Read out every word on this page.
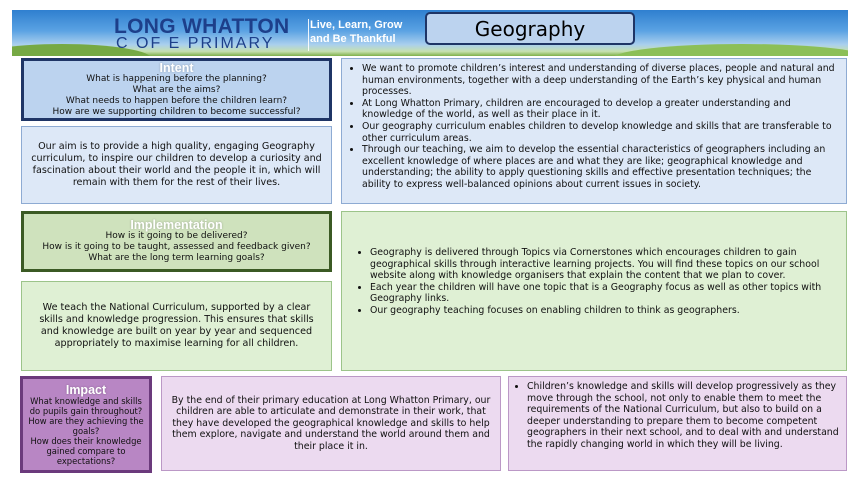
LONG WHATTON
C OF E PRIMARY
Live, Learn, Grow
and Be Thankful	Geography
Intent
What is happening before the planning?
What are the aims?
What needs to happen before the children learn?
How are we supporting children to become successful?
Our aim is to provide a high quality, engaging Geography curriculum, to inspire our children to develop a curiosity and fascination about their world and the people it in, which will remain with them for the rest of their lives.
• We want to promote children’s interest and understanding of diverse places, people and natural and human environments, together with a deep understanding of the Earth’s key physical and human processes.
• At Long Whatton Primary, children are encouraged to develop a greater understanding and knowledge of the world, as well as their place in it.
• Our geography curriculum enables children to develop knowledge and skills that are transferable to other curriculum areas.
• Through our teaching, we aim to develop the essential characteristics of geographers including an excellent knowledge of where places are and what they are like; geographical knowledge and understanding; the ability to apply questioning skills and effective presentation techniques; the ability to express well-balanced opinions about current issues in society.
Implementation
How is it going to be delivered?
How is it going to be taught, assessed and feedback given?
What are the long term learning goals?
We teach the National Curriculum, supported by a clear skills and knowledge progression. This ensures that skills and knowledge are built on year by year and sequenced appropriately to maximise learning for all children.
• Geography is delivered through Topics via Cornerstones which encourages children to gain geographical skills through interactive learning projects. You will find these topics on our school website along with knowledge organisers that explain the content that we plan to cover.
• Each year the children will have one topic that is a Geography focus as well as other topics with Geography links.
• Our geography teaching focuses on enabling children to think as geographers.
Impact
What knowledge and skills do pupils gain throughout?
How are they achieving the goals?
How does their knowledge gained compare to expectations?
By the end of their primary education at Long Whatton Primary, our children are able to articulate and demonstrate in their work, that they have developed the geographical knowledge and skills to help them explore, navigate and understand the world around them and their place it in.
• Children’s knowledge and skills will develop progressively as they move through the school, not only to enable them to meet the requirements of the National Curriculum, but also to build on a deeper understanding to prepare them to become competent geographers in their next school, and to deal with and understand the rapidly changing world in which they will be living.
